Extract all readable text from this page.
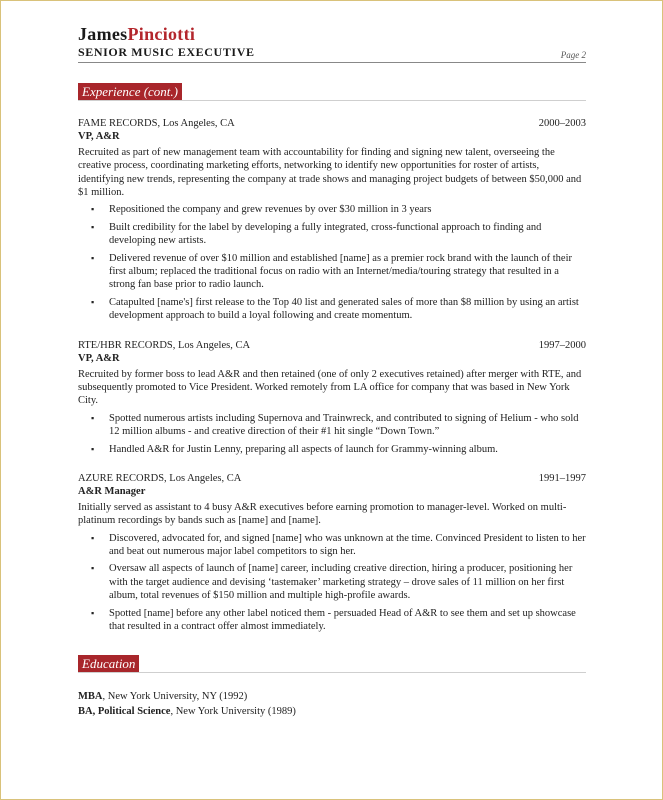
JamesPinciotti
SENIOR MUSIC EXECUTIVE	Page 2
Experience (cont.)
FAME RECORDS, Los Angeles, CA	2000–2003
VP, A&R
Recruited as part of new management team with accountability for finding and signing new talent, overseeing the creative process, coordinating marketing efforts, networking to identify new opportunities for roster of artists, identifying new trends, representing the company at trade shows and managing project budgets of between $50,000 and $1 million.
▪ Repositioned the company and grew revenues by over $30 million in 3 years
▪ Built credibility for the label by developing a fully integrated, cross-functional approach to finding and developing new artists.
▪ Delivered revenue of over $10 million and established [name] as a premier rock brand with the launch of their first album; replaced the traditional focus on radio with an Internet/media/touring strategy that resulted in a strong fan base prior to radio launch.
▪ Catapulted [name's] first release to the Top 40 list and generated sales of more than $8 million by using an artist development approach to build a loyal following and create momentum.
RTE/HBR RECORDS, Los Angeles, CA	1997–2000
VP, A&R
Recruited by former boss to lead A&R and then retained (one of only 2 executives retained) after merger with RTE, and subsequently promoted to Vice President. Worked remotely from LA office for company that was based in New York City.
▪ Spotted numerous artists including Supernova and Trainwreck, and contributed to signing of Helium - who sold 12 million albums - and creative direction of their #1 hit single “Down Town.”
▪ Handled A&R for Justin Lenny, preparing all aspects of launch for Grammy-winning album.
AZURE RECORDS, Los Angeles, CA	1991–1997
A&R Manager
Initially served as assistant to 4 busy A&R executives before earning promotion to manager-level. Worked on multi-platinum recordings by bands such as [name] and [name].
▪ Discovered, advocated for, and signed [name] who was unknown at the time. Convinced President to listen to her and beat out numerous major label competitors to sign her.
▪ Oversaw all aspects of launch of [name] career, including creative direction, hiring a producer, positioning her with the target audience and devising ‘tastemaker’ marketing strategy – drove sales of 11 million on her first album, total revenues of $150 million and multiple high-profile awards.
▪ Spotted [name] before any other label noticed them - persuaded Head of A&R to see them and set up showcase that resulted in a contract offer almost immediately.
Education
MBA, New York University, NY (1992)
BA, Political Science, New York University (1989)
